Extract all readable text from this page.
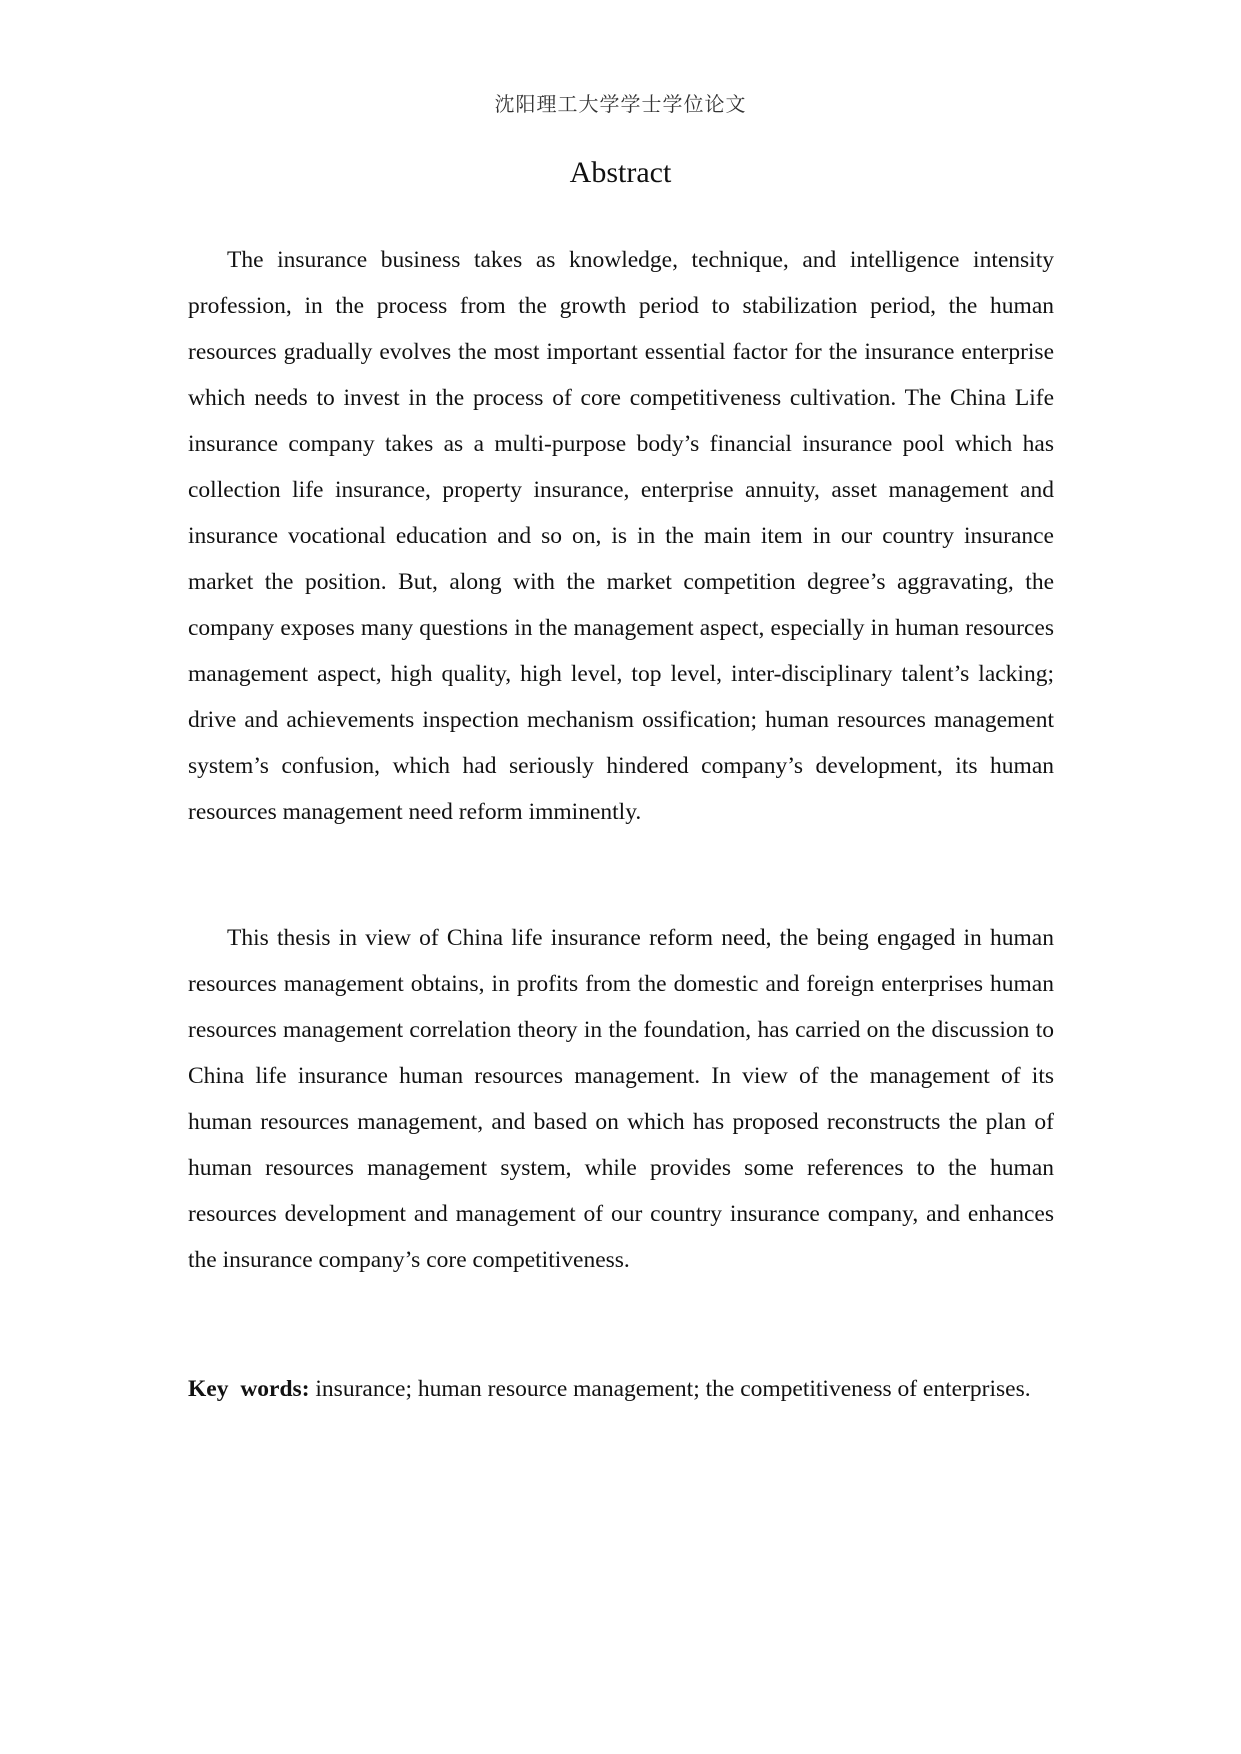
沈阳理工大学学士学位论文
Abstract

The insurance business takes as knowledge, technique, and intelligence intensity profession, in the process from the growth period to stabilization period, the human resources gradually evolves the most important essential factor for the insurance enterprise which needs to invest in the process of core competitiveness cultivation. The China Life insurance company takes as a multi-purpose body’s financial insurance pool which has collection life insurance, property insurance, enterprise annuity, asset management and insurance vocational education and so on, is in the main item in our country insurance market the position. But, along with the market competition degree’s aggravating, the company exposes many questions in the management aspect, especially in human resources management aspect, high quality, high level, top level, inter-disciplinary talent’s lacking; drive and achievements inspection mechanism ossification; human resources management system’s confusion, which had seriously hindered company’s development, its human resources management need reform imminently.

This thesis in view of China life insurance reform need, the being engaged in human resources management obtains, in profits from the domestic and foreign enterprises human resources management correlation theory in the foundation, has carried on the discussion to China life insurance human resources management. In view of the management of its human resources management, and based on which has proposed reconstructs the plan of human resources management system, while provides some references to the human resources development and management of our country insurance company, and enhances the insurance company’s core competitiveness.

Key words: insurance; human resource management; the competitiveness of enterprises.
